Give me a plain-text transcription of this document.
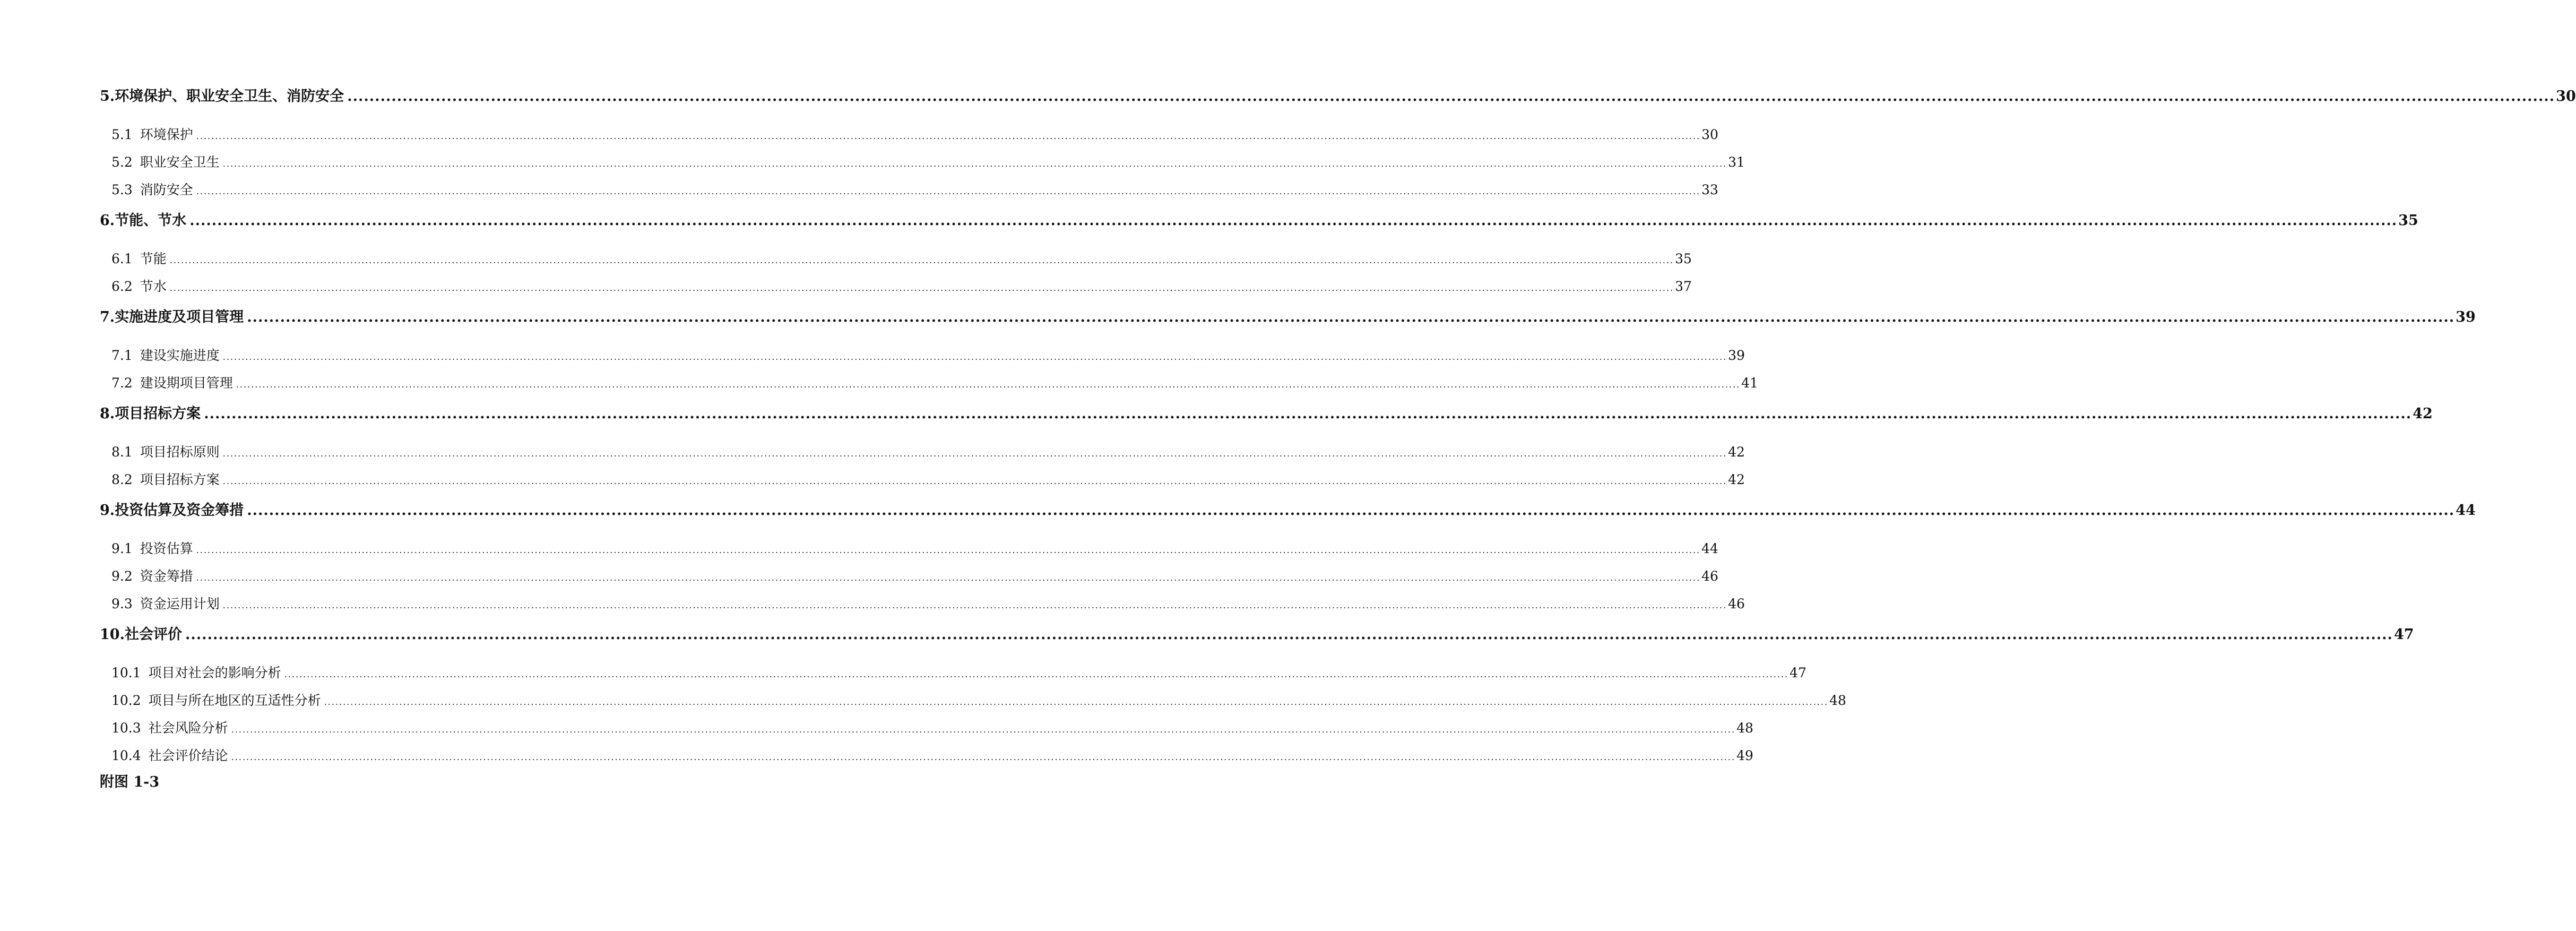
5.环境保护、职业安全卫生、消防安全 ................................................................................................................................................................................................................................................................................................................................................................................................................ 30
5.1 环境保护 ................................................................................................................................................................................................................................................................................................................................................................................................................ 30
5.2 职业安全卫生 ................................................................................................................................................................................................................................................................................................................................................................................................................ 31
5.3 消防安全 ................................................................................................................................................................................................................................................................................................................................................................................................................ 33
6.节能、节水 ................................................................................................................................................................................................................................................................................................................................................................................................................ 35
6.1 节能 ................................................................................................................................................................................................................................................................................................................................................................................................................ 35
6.2 节水 ................................................................................................................................................................................................................................................................................................................................................................................................................ 37
7.实施进度及项目管理 ................................................................................................................................................................................................................................................................................................................................................................................................................ 39
7.1 建设实施进度 ................................................................................................................................................................................................................................................................................................................................................................................................................ 39
7.2 建设期项目管理 ................................................................................................................................................................................................................................................................................................................................................................................................................ 41
8.项目招标方案 ................................................................................................................................................................................................................................................................................................................................................................................................................ 42
8.1 项目招标原则 ................................................................................................................................................................................................................................................................................................................................................................................................................ 42
8.2 项目招标方案 ................................................................................................................................................................................................................................................................................................................................................................................................................ 42
9.投资估算及资金筹措 ................................................................................................................................................................................................................................................................................................................................................................................................................ 44
9.1 投资估算 ................................................................................................................................................................................................................................................................................................................................................................................................................ 44
9.2 资金筹措 ................................................................................................................................................................................................................................................................................................................................................................................................................ 46
9.3 资金运用计划 ................................................................................................................................................................................................................................................................................................................................................................................................................ 46
10.社会评价 ................................................................................................................................................................................................................................................................................................................................................................................................................ 47
10.1 项目对社会的影响分析 ................................................................................................................................................................................................................................................................................................................................................................................................................ 47
10.2 项目与所在地区的互适性分析 ................................................................................................................................................................................................................................................................................................................................................................................................................ 48
10.3 社会风险分析 ................................................................................................................................................................................................................................................................................................................................................................................................................ 48
10.4 社会评价结论 ................................................................................................................................................................................................................................................................................................................................................................................................................ 49
附图 1-3
